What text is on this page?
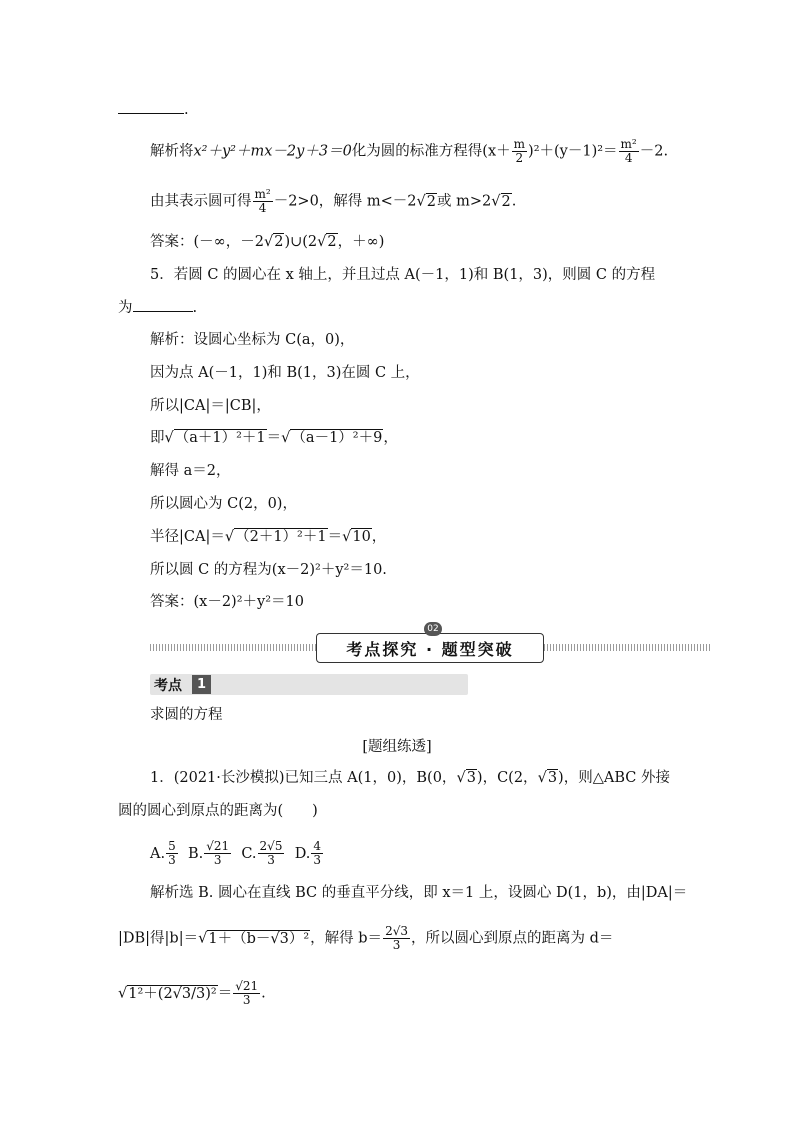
.
解析将x²＋y²＋mx－2y＋3＝0化为圆的标准方程得$(x+ \frac{m}{2} )^2+(y-1)^2= \frac{\text{m²}}{4} -2$.
由其表示圆可得 $\frac{\text{m²}}{4} -2>0$，解得 m<－2√2或 m>2√2.
答案：(－∞，－2√2)∪(2√2，＋∞)
5．若圆 C 的圆心在 x 轴上，并且过点 A(－1，1)和 B(1，3)，则圆 C 的方程
为	.
解析：设圆心坐标为 C(a，0)，
因为点 A(－1，1)和 B(1，3)在圆 C 上，
所以|CA|＝|CB|，
即√（a＋1）²＋1＝√（a－1）²＋9，
解得 a＝2，
所以圆心为 C(2，0)，
半径|CA|＝√（2＋1）²＋1＝√10，
所以圆 C 的方程为(x－2)²＋y²＝10.
答案：(x－2)²＋y²＝10
考点探究 · 题型突破
02
考点	1
求圆的方程
[题组练透]
1．(2021·长沙模拟)已知三点 A(1，0)，B(0，√3)，C(2，√3)，则△ABC 外接
圆的圆心到原点的距离为(　　)
A. $\frac{5}{3} B$. $\frac{√21}{3} C$. $\frac{2√5}{3} D$. $\frac{4}{3}$
解析选 B. 圆心在直线 BC 的垂直平分线，即 x＝1 上，设圆心 D(1，b)，由|DA|＝
|DB|得|b|＝√1＋（b－√3）²，解得 $b= \frac{2√3}{3}$ ，所以圆心到原点的距离为 d＝
$√1^2+(2√3/3)^2= \frac{√21}{3}$ .
